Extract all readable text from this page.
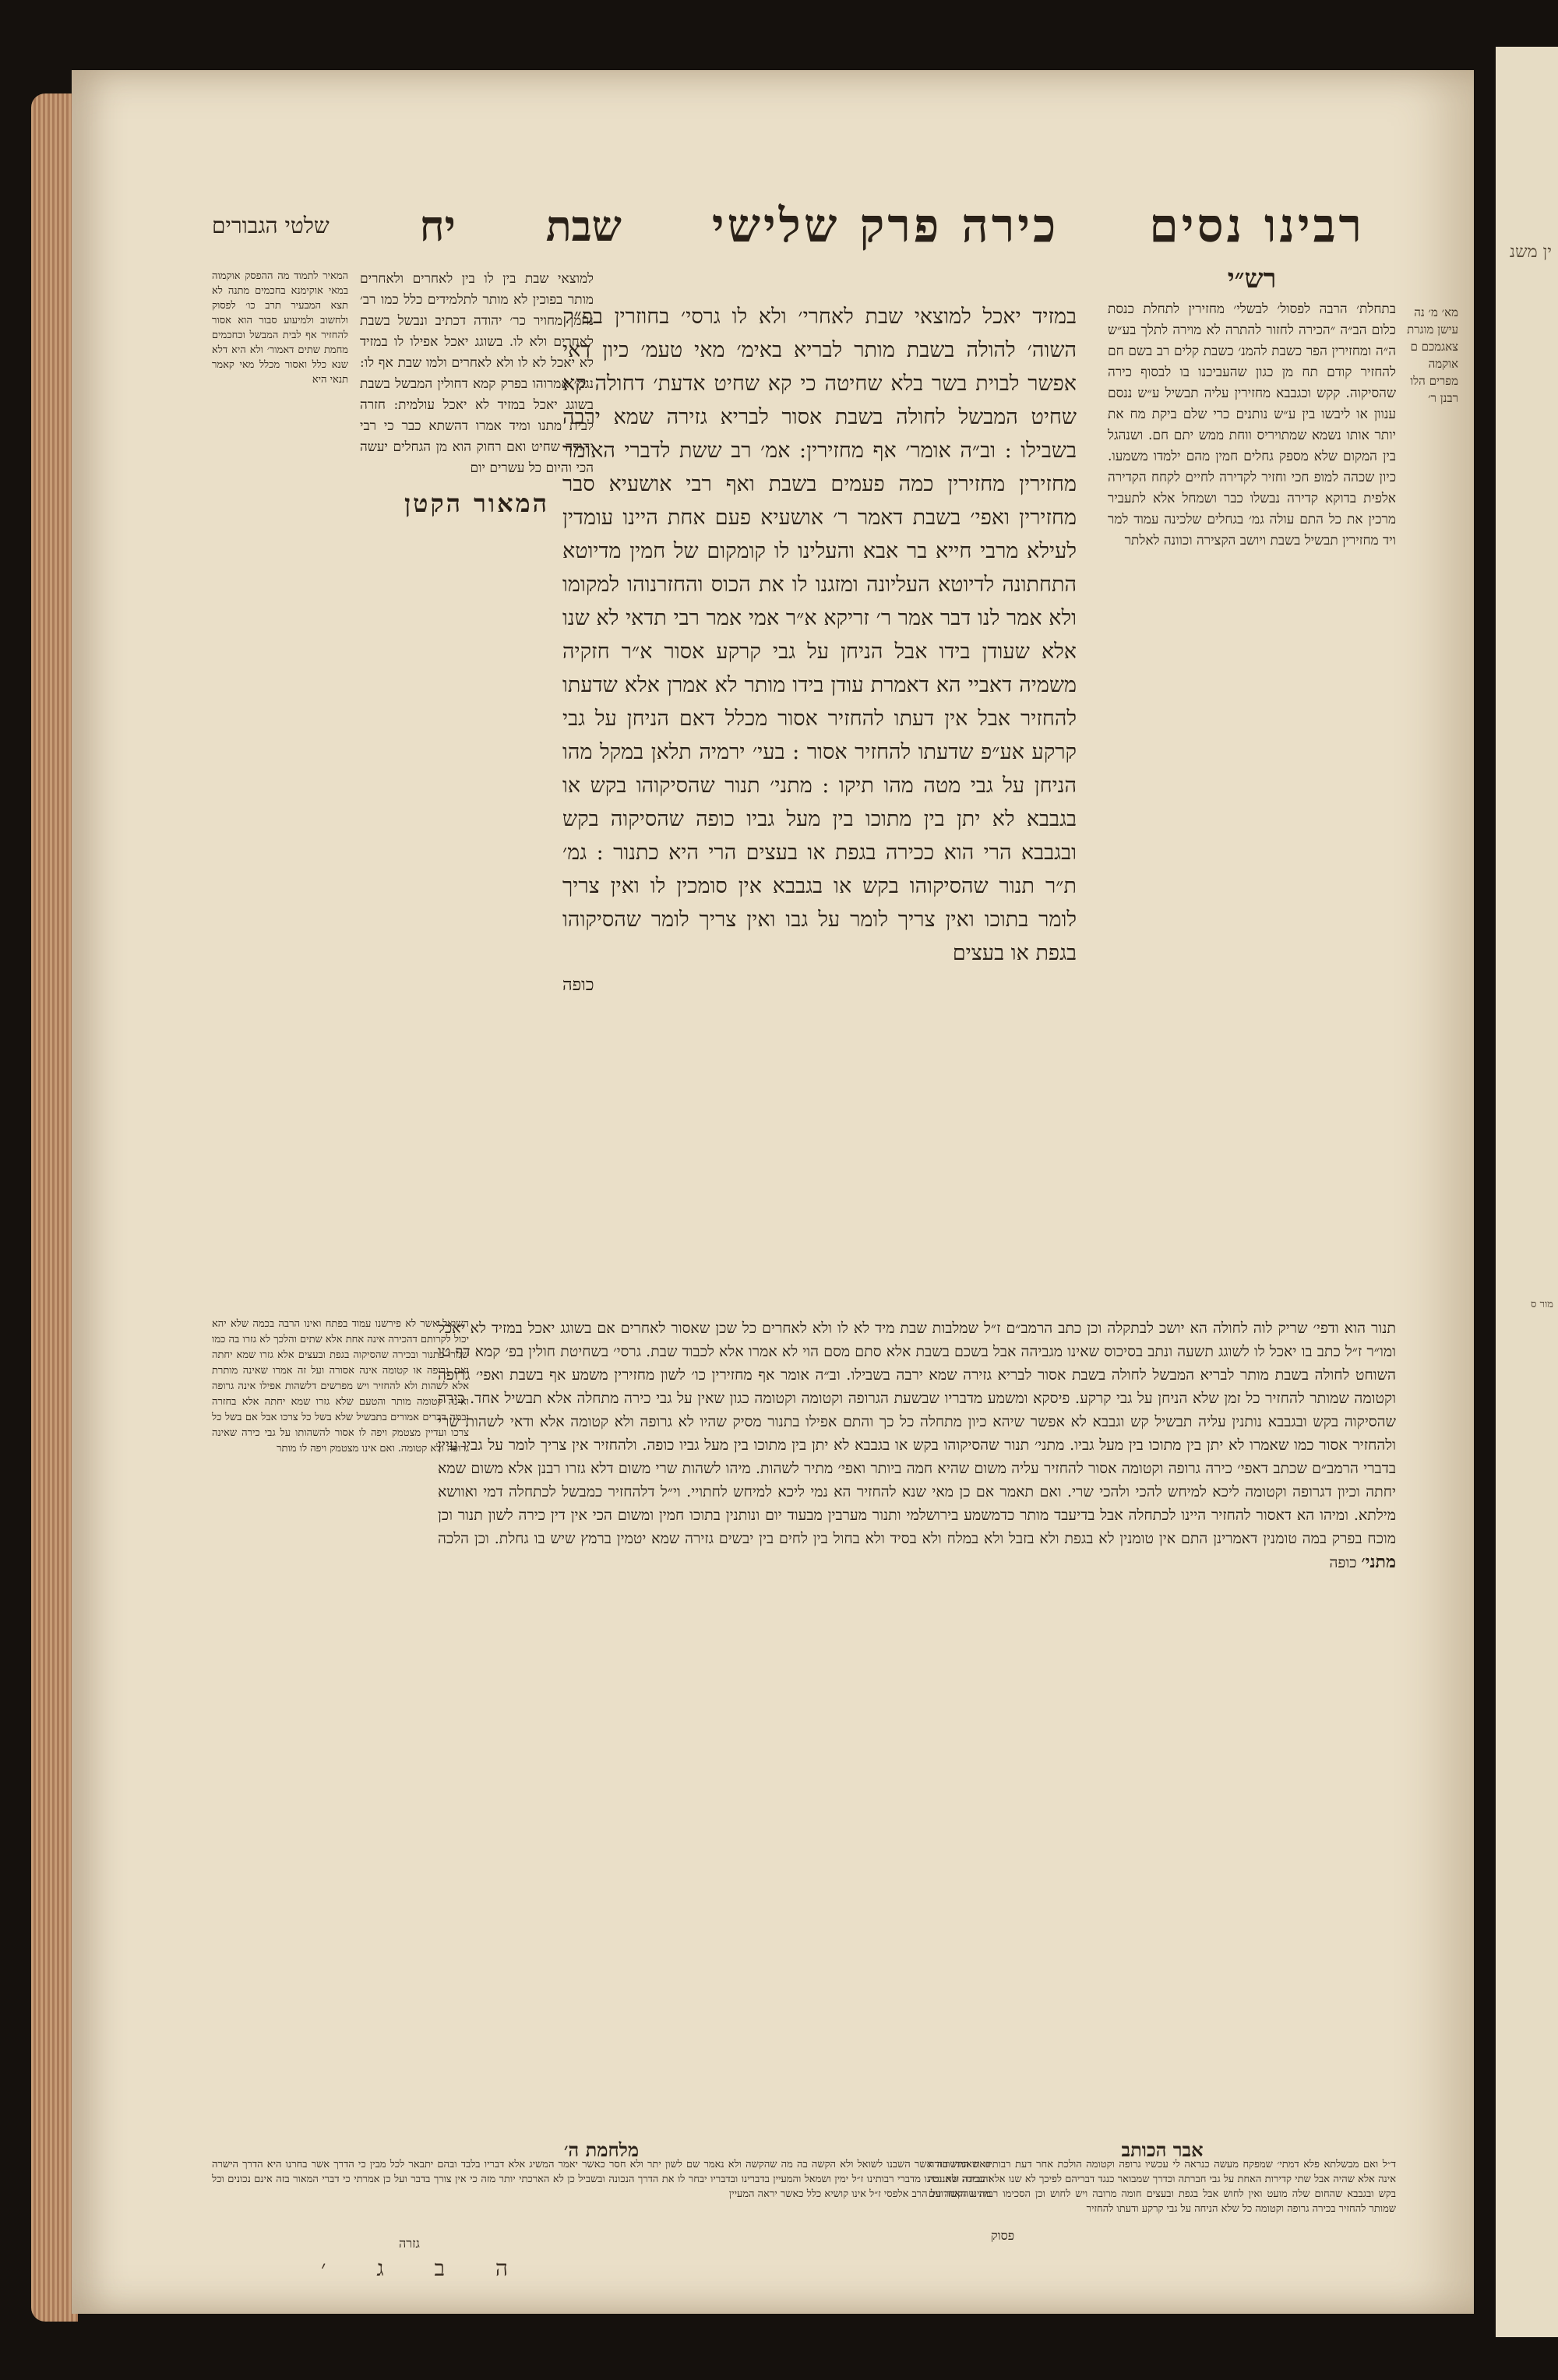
רבינו נסים
כירה פרק שלישי
שבת
יח
שלטי הגבורים
מא׳ מ׳ נה עישן מוגרת צאגמכם ם אוקמה מפרים הלו רבנן ר׳
רש״י
בתחלת׳ הרבה לפסול׳ לבשלי׳ מחזירין לתחלת כנסת כלום הב״ה ״הכירה לחזור להתרה לא מוירה לתלך בע״ש ה״ה ומחזירין הפר כשבת להמנ׳ כשבת קלים רב בשם חם להחזיר קודם תח מן כגון שהעביכנו בו לבסוף כירה שהסיקוה. קקש וכגבבא מחזירין עליה תבשיל ע״ש ננסם ענוון או ליבשו בין ע״ש נותנים כרי שלם ביקת מח את יותר אותו נשמא שמתויריס ווחת ממש יתם חם. ושנהגל בין המקום שלא מספק גחלים חמין מהם ילמדו משמעו. כיון שכהה למופ חכי וחזיר לקדירה לחיים לקחח הקדירה אלפית בדוקא קדירה נבשלו כבר ושמחל אלא לתעביר מרכין את כל התם עולה גמ׳ בגחלים שלכינה עמוד למר ויד מחזירין תבשיל בשבת ויושב הקצירה וכוונה לאלתר
במזיד יאכל למוצאי שבת לאחרי׳ ולא לו גרסי׳ בחוזרין בפ״ק השוה׳ להולה בשבת מותר לבריא באימ׳ מאי טעמ׳ כיון דאי אפשר לבוית בשר בלא שחיטה כי קא שחיט אדעת׳ דחולה קא שחיט המבשל לחולה בשבת אסור לבריא גזירה שמא ירבה בשבילו : וב״ה אומר׳ אף מחזירין: אמ׳ רב ששת לדברי האומר מחזירין מחזירין כמה פעמים בשבת ואף רבי אושעיא סבר מחזירין ואפי׳ בשבת דאמר ר׳ אושעיא פעם אחת היינו עומדין לעילא מרבי חייא בר אבא והעלינו לו קומקום של חמין מדיוטא התחתונה לדיוטא העליונה ומזגנו לו את הכוס והחזרנוהו למקומו ולא אמר לנו דבר אמר ר׳ זריקא א״ר אמי אמר רבי תדאי לא שנו אלא שעודן בידו אבל הניחן על גבי קרקע אסור א״ר חזקיה משמיה דאביי הא דאמרת עודן בידו מותר לא אמרן אלא שדעתו להחזיר אבל אין דעתו להחזיר אסור מכלל דאם הניחן על גבי קרקע אע״פ שדעתו להחזיר אסור : בעי׳ ירמיה תלאן במקל מהו הניחן על גבי מטה מהו תיקו : מתני׳ תנור שהסיקוהו בקש או בגבבא לא יתן בין מתוכו בין מעל גביו כופה שהסיקוה בקש ובגבבא הרי הוא ככירה בגפת או בעצים הרי היא כתנור : גמ׳ ת״ר תנור שהסיקוהו בקש או בגבבא אין סומכין לו ואין צריך לומר בתוכו ואין צריך לומר על גבו ואין צריך לומר שהסיקוהו בגפת או בעצים
כופה
למוצאי שבת בין לו בין לאחרים ולאחרים מותר בפוכין לא מותר לתלמידים כלל כמו רב׳ נחמן מחויר כר׳ יהודה דכתיב ונבשל בשבת לאחרים ולא לו. בשוגג יאכל אפילו לו במזיד לא יאכל לא לו ולא לאחרים ולמו שבת אף לו: נגמ׳ אמרוהו בפרק קמא דחולין המבשל בשבת בשוגג יאכל במזיד לא יאכל עולמית: חזרה לבית מתנו ומיד אמרו דהשתא כבר כי רבי יהודה שחיט ואם רחוק הוא מן הגחלים יעשה הכי והיום כל עשרים יום
המאור הקטן
המאיר לתמוד מה ההפסק אוקמוה במאי אוקימנא בחכמים מתנה לא תצא המבעיר תרב כו׳ לפסוק ולחשוב ולמיעוע סבור הוא אסור להחזיר אף לבית המבשל וכחכמים מחמת שתים דאמור׳ ולא היא דלא שנא כלל ואסור מכלל מאי קאמר תנאי היא
תנור הוא ודפי׳ שריק לוה לחולה הא יושכ לבתקלה וכן כתב הרמב״ם ז״ל שמלבות שבת מיד לא לו ולא לאחרים כל שכן שאסור לאחרים אם בשוגג יאכל במזיד לא יאכל ומו״ר ז״ל כתב בו יאכל לו לשוגג תשעה ונתב בסיכוס שאינו מגביהה אבל בשכם בשבת אלא סתם מסם הוי לא אמרו אלא לכבוד שבת. גרסי׳ בשחיטת חולין בפ׳ קמא דף טו השוחט לחולה בשבת מותר לבריא המבשל לחולה בשבת אסור לבריא גזירה שמא ירבה בשבילו. וב״ה אומר אף מחזירין כו׳ לשון מחזירין משמע אף בשבת ואפי׳ גרופה וקטומה שמותר להחזיר כל זמן שלא הניחן על גבי קרקע. פיסקא ומשמע מדבריו שבשעת הגרופה וקטומה וקטומה כגון שאין על גבי כירה מתחלה אלא תבשיל אחד. כירה שהסיקוה בקש ובגבבא נותנין עליה תבשיל קש וגבבא לא אפשר שיהא כיון מתחלה כל כך והתם אפילו בתנור מסיק שהיו לא גרופה ולא קטומה אלא ודאי לשהות שרי ולהחזיר אסור כמו שאמרו לא יתן בין מתוכו בין מעל גביו. מתני׳ תנור שהסיקוהו בקש או בגבבא לא יתן בין מתוכו בין מעל גביו כופה. ולהחזיר אין צריך לומר על גביו עיין בדברי הרמב״ם שכתב דאפי׳ כירה גרופה וקטומה אסור להחזיר עליה משום שהיא חמה ביותר ואפי׳ מתיר לשהות. מיהו לשהות שרי משום דלא גזרו רבנן אלא משום שמא יחתה וכיון דגרופה וקטומה ליכא למיחש להכי ולהכי שרי. ואם תאמר אם כן מאי שנא להחזיר הא נמי ליכא למיחש לחתויי. וי״ל דלהחזיר כמבשל לכתחלה דמי ואוושא מילתא. ומיהו הא דאסור להחזיר היינו לכתחלה אבל בדיעבד מותר כדמשמע בירושלמי ותנור מערבין מבעוד יום ונותנין בתוכו חמין ומשום הכי אין דין כירה לשון תנור וכן מוכח בפרק במה טומנין דאמרינן התם אין טומנין לא בגפת ולא בזבל ולא במלח ולא בסיד ולא בחול בין לחים בין יבשים גזירה שמא יטמין ברמץ שיש בו גחלת. וכן הלכה מתני׳ כופה
השואל אשר לא פירשנו עמוד בפתח ואינו הרבה בכמה שלא יהא יכול לקרותם דהכירה אינה אחת אלא שתים והלכך לא גזרו בה כמו שגזרו בתנור ובכירה שהסיקוה בגפת ובעצים אלא גזרו שמא יחתה ואם גרופה או קטומה אינה אסורה ועל זה אמרו שאינה מותרת אלא לשהות ולא להחזיר ויש מפרשים דלשהות אפילו אינה גרופה ואינה קטומה מותר והטעם שלא גזרו שמא יחתה אלא בחזרה ובמה דברים אמורים בתבשיל שלא בשל כל צרכו אבל אם בשל כל צרכו ועדיין מצטמק ויפה לו אסור להשהותו על גבי כירה שאינה גרופה ולא קטומה. ואם אינו מצטמק ויפה לו מותר
אבר הכותב
ד״ל ואם מבשלתא פלא דמתי׳ שמפקח מעשה כנראה לי עכשיו גרופה וקטומה הולכת אחר דעת רבותינו שאמרו חזרה אינה אלא שהיה אבל שתי קדירות האחת על גבי חברתה וכדרך שמבואר כנגד דבריהם לפיכך לא שנו אלא בכירה שתנורה בקש ובגבבא שהחום שלה מועט ואין לחוש אבל בגפת ובעצים חומה מרובה ויש לחוש וכן הסכימו רבותינו האחרונים שמותר להחזיר בכירה גרופה וקטומה כל שלא הניחה על גבי קרקע ודעתו להחזיר
מלחמת ה׳
וזאת התשובה אשר השבנו לשואל ולא הקשה בה מה שהקשה ולא נאמר שם לשון יתר ולא חסר כאשר יאמר המשיג אלא דבריו בלבד ובהם יתבאר לכל מבין כי הדרך אשר בחרנו היא הדרך הישרה והנכונה ולא נטינו מדברי רבותינו ז״ל ימין ושמאל והמעיין בדברינו ובדבריו יבחר לו את הדרך הנכונה ובשביל כן לא הארכתי יותר מזה כי אין צורך בדבר ועל כן אמרתי כי דברי המאור בזה אינם נכונים וכל מה שהקשה על הרב אלפסי ז״ל אינו קושיא כלל כאשר יראה המעיין
פסוק
גזרה
ה ב ג ׳
ין משנ
מור ס
